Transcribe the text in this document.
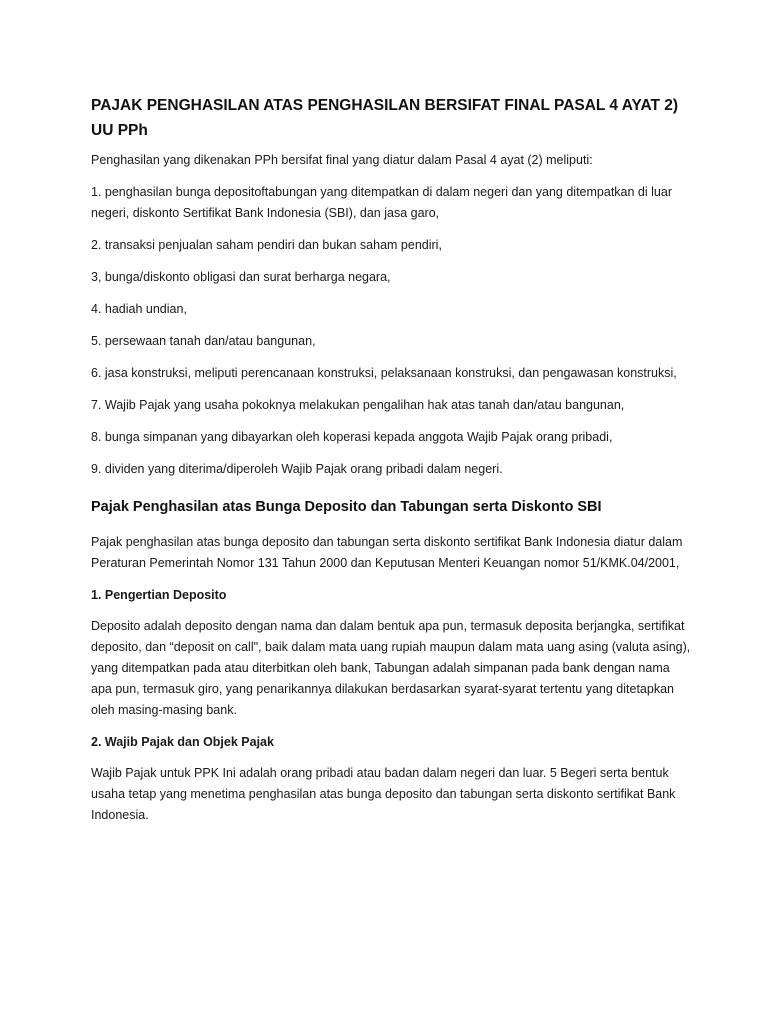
PAJAK PENGHASILAN ATAS PENGHASILAN BERSIFAT FINAL PASAL 4 AYAT 2) UU PPh

Penghasilan yang dikenakan PPh bersifat final yang diatur dalam Pasal 4 ayat (2) meliputi:

1. penghasilan bunga depositoftabungan yang ditempatkan di dalam negeri dan yang ditempatkan di luar negeri, diskonto Sertifikat Bank Indonesia (SBI), dan jasa garo,
2. transaksi penjualan saham pendiri dan bukan saham pendiri,
3, bunga/diskonto obligasi dan surat berharga negara,
4. hadiah undian,
5. persewaan tanah dan/atau bangunan,
6. jasa konstruksi, meliputi perencanaan konstruksi, pelaksanaan konstruksi, dan pengawasan konstruksi,
7. Wajib Pajak yang usaha pokoknya melakukan pengalihan hak atas tanah dan/atau bangunan,
8. bunga simpanan yang dibayarkan oleh koperasi kepada anggota Wajib Pajak orang pribadi,
9. dividen yang diterima/diperoleh Wajib Pajak orang pribadi dalam negeri.
Pajak Penghasilan atas Bunga Deposito dan Tabungan serta Diskonto SBI

Pajak penghasilan atas bunga deposito dan tabungan serta diskonto sertifikat Bank Indonesia diatur dalam Peraturan Pemerintah Nomor 131 Tahun 2000 dan Keputusan Menteri Keuangan nomor 51/KMK.04/2001,

1. Pengertian Deposito

Deposito adalah deposito dengan nama dan dalam bentuk apa pun, termasuk deposita berjangka, sertifikat deposito, dan “deposit on call", baik dalam mata uang rupiah maupun dalam mata uang asing (valuta asing), yang ditempatkan pada atau diterbitkan oleh bank, Tabungan adalah simpanan pada bank dengan nama apa pun, termasuk giro, yang penarikannya dilakukan berdasarkan syarat-syarat tertentu yang ditetapkan oleh masing-masing bank.

2. Wajib Pajak dan Objek Pajak

Wajib Pajak untuk PPK Ini adalah orang pribadi atau badan dalam negeri dan luar. 5 Begeri serta bentuk usaha tetap yang menetima penghasilan atas bunga deposito dan tabungan serta diskonto sertifikat Bank Indonesia.
